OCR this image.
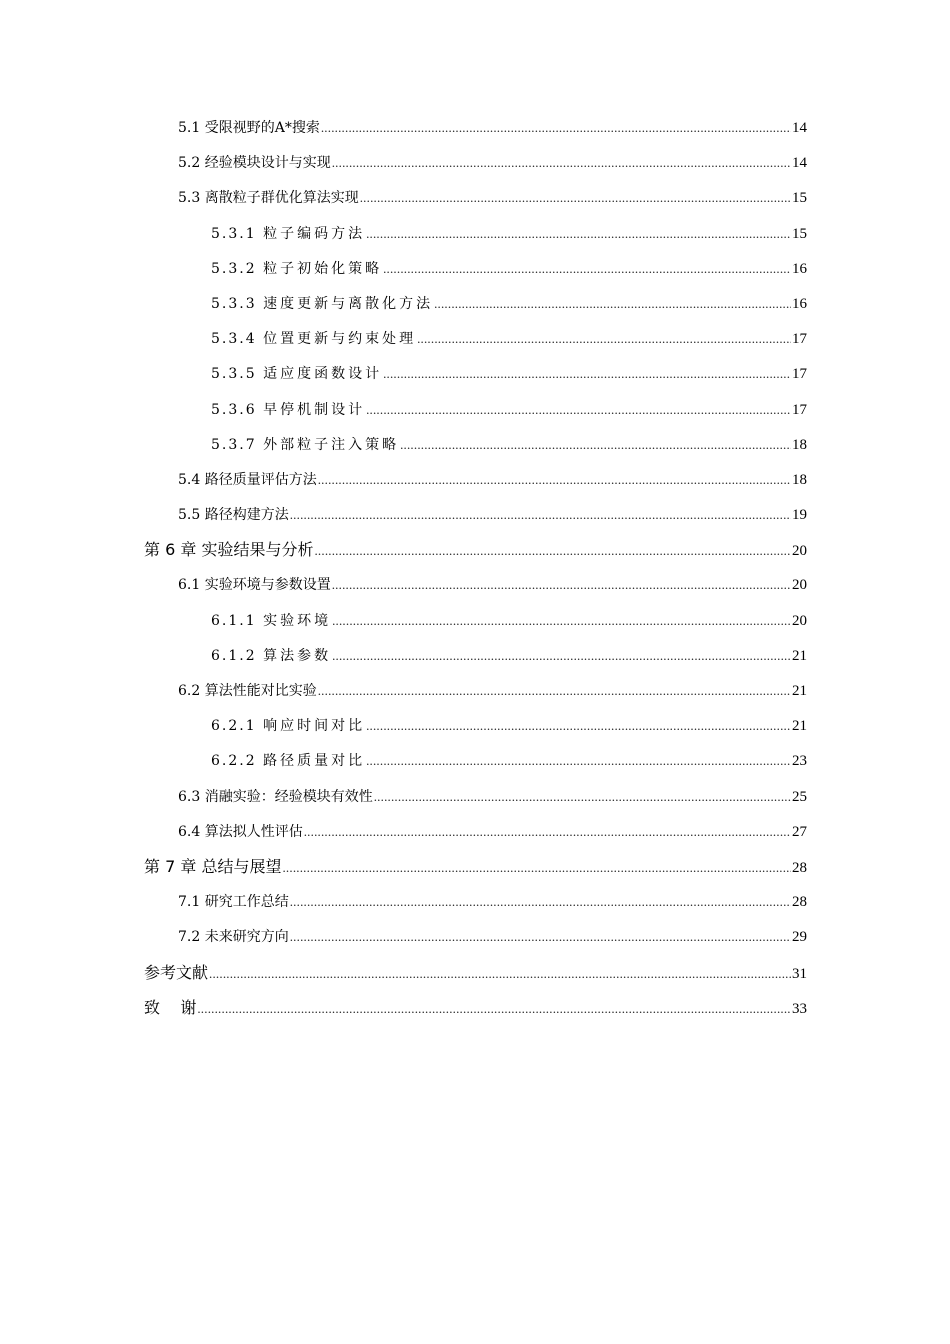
5.1 受限视野的A*搜索 .....	14
5.2 经验模块设计与实现 .....	14
5.3 离散粒子群优化算法实现 .....	15
5.3.1 粒子编码方法 .....	15
5.3.2 粒子初始化策略 .....	16
5.3.3 速度更新与离散化方法 .....	16
5.3.4 位置更新与约束处理 .....	17
5.3.5 适应度函数设计 .....	17
5.3.6 早停机制设计 .....	17
5.3.7 外部粒子注入策略 .....	18
5.4 路径质量评估方法 .....	18
5.5 路径构建方法 .....	19
第 6 章 实验结果与分析 .....	20
6.1 实验环境与参数设置 .....	20
6.1.1 实验环境 .....	20
6.1.2 算法参数 .....	21
6.2 算法性能对比实验 .....	21
6.2.1 响应时间对比 .....	21
6.2.2 路径质量对比 .....	23
6.3 消融实验：经验模块有效性 .....	25
6.4 算法拟人性评估 .....	27
第 7 章 总结与展望 .....	28
7.1 研究工作总结 .....	28
7.2 未来研究方向 .....	29
参考文献 .....	31
致    谢 .....	33
